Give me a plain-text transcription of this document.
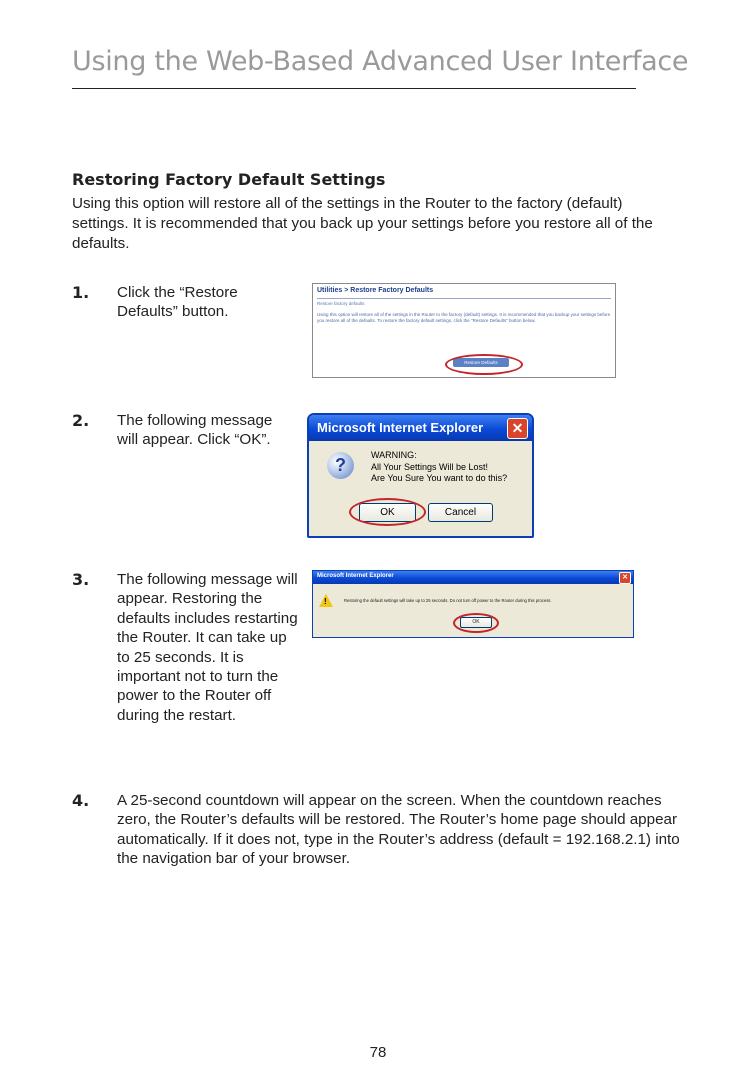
Using the Web-Based Advanced User Interface
Restoring Factory Default Settings
Using this option will restore all of the settings in the Router to the factory (default) settings. It is recommended that you back up your settings before you restore all of the defaults.
1. Click the “Restore Defaults” button.
Utilities > Restore Factory Defaults
Restore factory defaults
Using this option will restore all of the settings in the Router to the factory (default) settings. It is recommended that you backup your settings before you restore all of the defaults. To restore the factory default settings, click the "Restore Defaults" button below.
Restore Defaults
2. The following message will appear. Click “OK”.
Microsoft Internet Explorer	✕
?	WARNING:
All Your Settings Will be Lost!
Are You Sure You want to do this?
OK	Cancel
3. The following message will appear. Restoring the defaults includes restarting the Router. It can take up to 25 seconds. It is important not to turn the power to the Router off during the restart.
Microsoft Internet Explorer	✕
!	Restoring the default settings will take up to 25 seconds. Do not turn off power to the Router during this process.
OK
4. A 25-second countdown will appear on the screen. When the countdown reaches zero, the Router’s defaults will be restored. The Router’s home page should appear automatically. If it does not, type in the Router’s address (default = 192.168.2.1) into the navigation bar of your browser.
78
